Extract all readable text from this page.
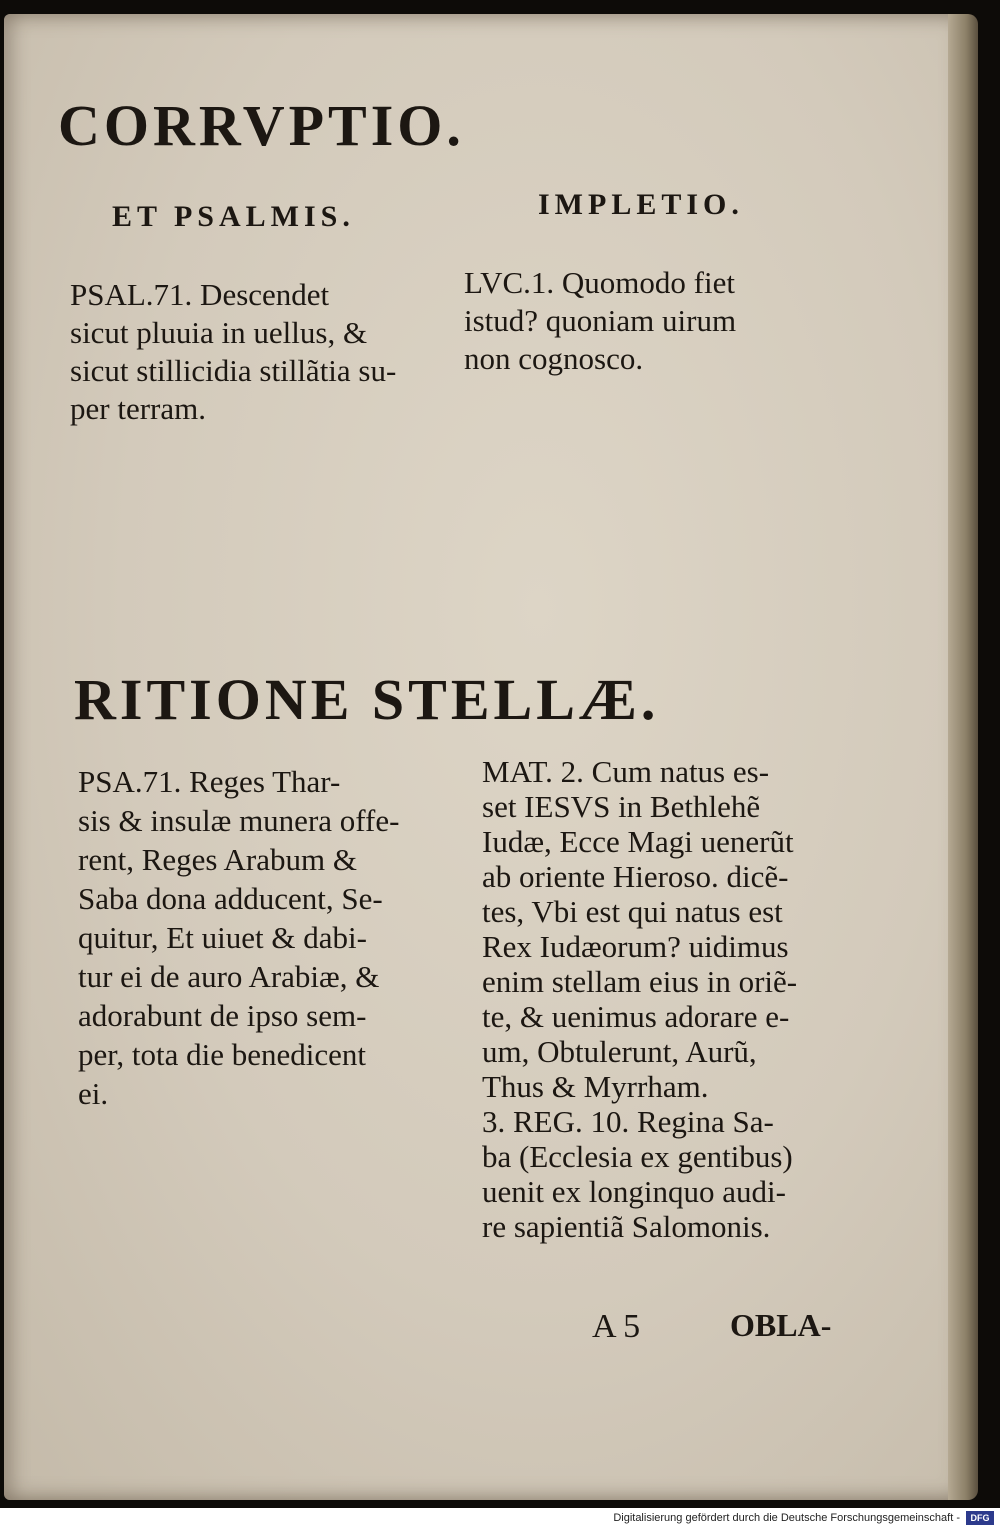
CORRVPTIO.
ET PSALMIS.	IMPLETIO.
PSAL.71. Descendet
sicut pluuia in uellus, &
sicut stillicidia stillãtia su-
per terram.
LVC.1. Quomodo fiet
istud? quoniam uirum
non cognosco.
RITIONE STELLÆ.
PSA.71. Reges Thar-
sis & insulæ munera offe-
rent, Reges Arabum &
Saba dona adducent, Se-
quitur, Et uiuet & dabi-
tur ei de auro Arabiæ, &
adorabunt de ipso sem-
per, tota die benedicent
ei.
MAT. 2. Cum natus es-
set IESVS in Bethlehẽ
Iudæ, Ecce Magi uenerũt
ab oriente Hieroso. dicẽ-
tes, Vbi est qui natus est
Rex Iudæorum? uidimus
enim stellam eius in oriẽ-
te, & uenimus adorare e-
um, Obtulerunt, Aurũ,
Thus & Myrrham.
3. REG. 10. Regina Sa-
ba (Ecclesia ex gentibus)
uenit ex longinquo audi-
re sapientiã Salomonis.
A 5	OBLA-
Digitalisierung gefördert durch die Deutsche Forschungsgemeinschaft -	DFG
